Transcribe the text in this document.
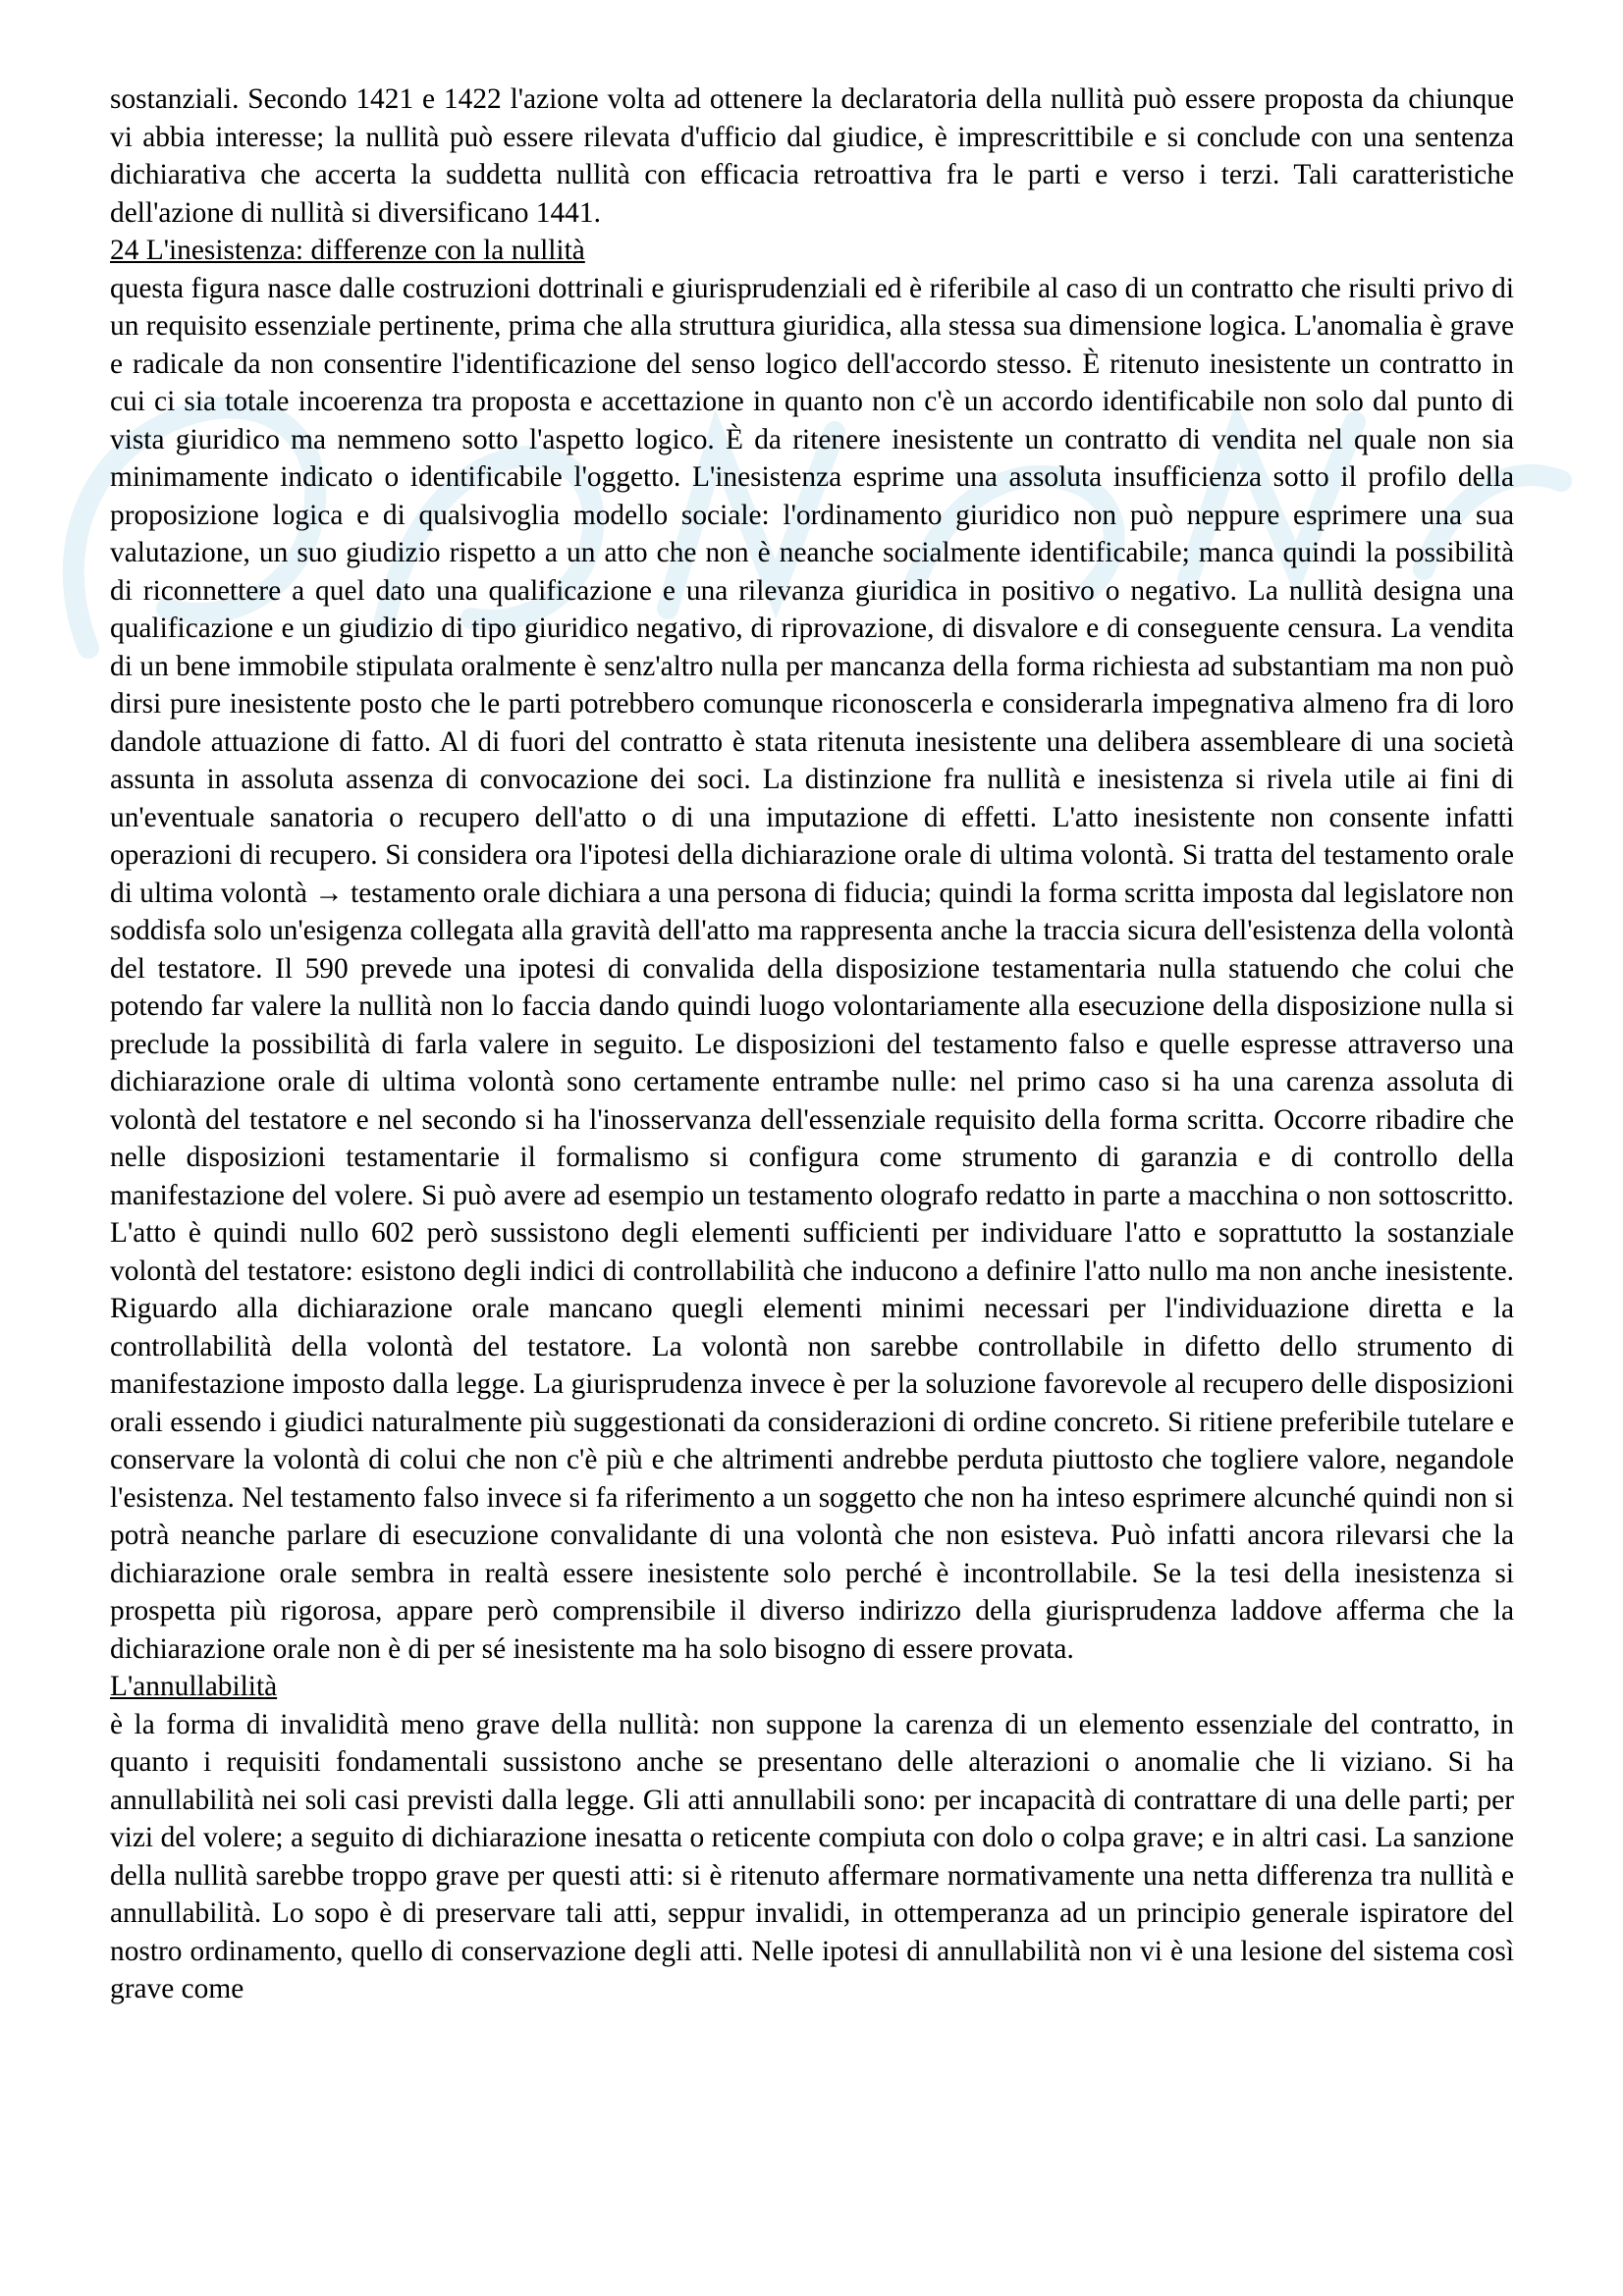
sostanziali. Secondo 1421 e 1422 l'azione volta ad ottenere la declaratoria della nullità può essere proposta da chiunque vi abbia interesse; la nullità può essere rilevata d'ufficio dal giudice, è imprescrittibile e si conclude con una sentenza dichiarativa che accerta la suddetta nullità con efficacia retroattiva fra le parti e verso i terzi. Tali caratteristiche dell'azione di nullità si diversificano 1441.

24 L'inesistenza: differenze con la nullità

questa figura nasce dalle costruzioni dottrinali e giurisprudenziali ed è riferibile al caso di un contratto che risulti privo di un requisito essenziale pertinente, prima che alla struttura giuridica, alla stessa sua dimensione logica. L'anomalia è grave e radicale da non consentire l'identificazione del senso logico dell'accordo stesso. È ritenuto inesistente un contratto in cui ci sia totale incoerenza tra proposta e accettazione in quanto non c'è un accordo identificabile non solo dal punto di vista giuridico ma nemmeno sotto l'aspetto logico. È da ritenere inesistente un contratto di vendita nel quale non sia minimamente indicato o identificabile l'oggetto. L'inesistenza esprime una assoluta insufficienza sotto il profilo della proposizione logica e di qualsivoglia modello sociale: l'ordinamento giuridico non può neppure esprimere una sua valutazione, un suo giudizio rispetto a un atto che non è neanche socialmente identificabile; manca quindi la possibilità di riconnettere a quel dato una qualificazione e una rilevanza giuridica in positivo o negativo. La nullità designa una qualificazione e un giudizio di tipo giuridico negativo, di riprovazione, di disvalore e di conseguente censura. La vendita di un bene immobile stipulata oralmente è senz'altro nulla per mancanza della forma richiesta ad substantiam ma non può dirsi pure inesistente posto che le parti potrebbero comunque riconoscerla e considerarla impegnativa almeno fra di loro dandole attuazione di fatto. Al di fuori del contratto è stata ritenuta inesistente una delibera assembleare di una società assunta in assoluta assenza di convocazione dei soci. La distinzione fra nullità e inesistenza si rivela utile ai fini di un'eventuale sanatoria o recupero dell'atto o di una imputazione di effetti. L'atto inesistente non consente infatti operazioni di recupero. Si considera ora l'ipotesi della dichiarazione orale di ultima volontà. Si tratta del testamento orale di ultima volontà → testamento orale dichiara a una persona di fiducia; quindi la forma scritta imposta dal legislatore non soddisfa solo un'esigenza collegata alla gravità dell'atto ma rappresenta anche la traccia sicura dell'esistenza della volontà del testatore. Il 590 prevede una ipotesi di convalida della disposizione testamentaria nulla statuendo che colui che potendo far valere la nullità non lo faccia dando quindi luogo volontariamente alla esecuzione della disposizione nulla si preclude la possibilità di farla valere in seguito. Le disposizioni del testamento falso e quelle espresse attraverso una dichiarazione orale di ultima volontà sono certamente entrambe nulle: nel primo caso si ha una carenza assoluta di volontà del testatore e nel secondo si ha l'inosservanza dell'essenziale requisito della forma scritta. Occorre ribadire che nelle disposizioni testamentarie il formalismo si configura come strumento di garanzia e di controllo della manifestazione del volere. Si può avere ad esempio un testamento olografo redatto in parte a macchina o non sottoscritto. L'atto è quindi nullo 602 però sussistono degli elementi sufficienti per individuare l'atto e soprattutto la sostanziale volontà del testatore: esistono degli indici di controllabilità che inducono a definire l'atto nullo ma non anche inesistente. Riguardo alla dichiarazione orale mancano quegli elementi minimi necessari per l'individuazione diretta e la controllabilità della volontà del testatore. La volontà non sarebbe controllabile in difetto dello strumento di manifestazione imposto dalla legge. La giurisprudenza invece è per la soluzione favorevole al recupero delle disposizioni orali essendo i giudici naturalmente più suggestionati da considerazioni di ordine concreto. Si ritiene preferibile tutelare e conservare la volontà di colui che non c'è più e che altrimenti andrebbe perduta piuttosto che togliere valore, negandole l'esistenza. Nel testamento falso invece si fa riferimento a un soggetto che non ha inteso esprimere alcunché quindi non si potrà neanche parlare di esecuzione convalidante di una volontà che non esisteva. Può infatti ancora rilevarsi che la dichiarazione orale sembra in realtà essere inesistente solo perché è incontrollabile. Se la tesi della inesistenza si prospetta più rigorosa, appare però comprensibile il diverso indirizzo della giurisprudenza laddove afferma che la dichiarazione orale non è di per sé inesistente ma ha solo bisogno di essere provata.

L'annullabilità

è la forma di invalidità meno grave della nullità: non suppone la carenza di un elemento essenziale del contratto, in quanto i requisiti fondamentali sussistono anche se presentano delle alterazioni o anomalie che li viziano. Si ha annullabilità nei soli casi previsti dalla legge. Gli atti annullabili sono: per incapacità di contrattare di una delle parti; per vizi del volere; a seguito di dichiarazione inesatta o reticente compiuta con dolo o colpa grave; e in altri casi. La sanzione della nullità sarebbe troppo grave per questi atti: si è ritenuto affermare normativamente una netta differenza tra nullità e annullabilità. Lo sopo è di preservare tali atti, seppur invalidi, in ottemperanza ad un principio generale ispiratore del nostro ordinamento, quello di conservazione degli atti. Nelle ipotesi di annullabilità non vi è una lesione del sistema così grave come
